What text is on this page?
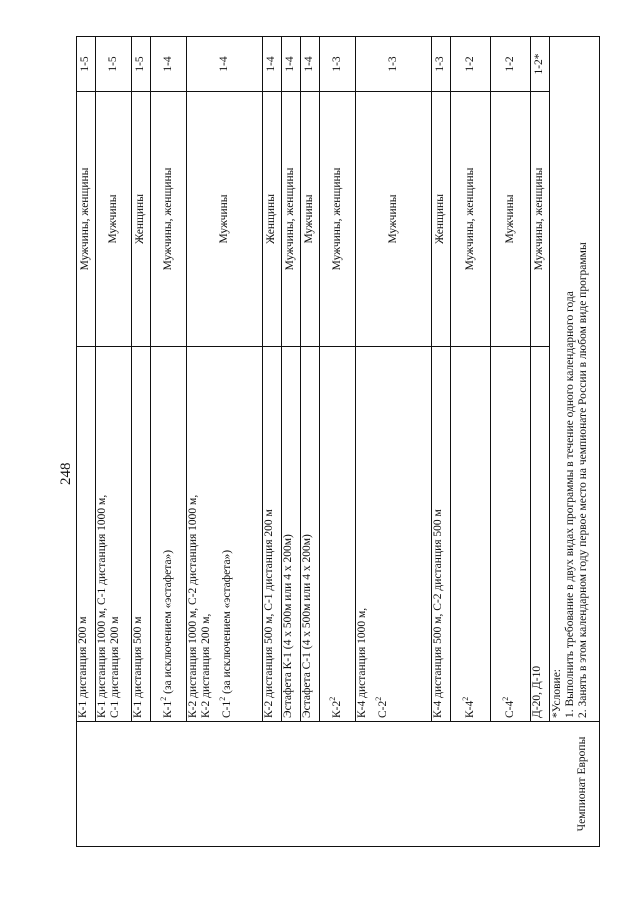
248
Чемпионат Европы	К-1 дистанция 200 м	Мужчины, женщины	1-5

	К-1 дистанция 1000 м, С-1 дистанция 1000 м, С-1 дистанция 200 м	Мужчины	1-5

	К-1 дистанция 500 м	Женщины	1-5

	$К-1^2$ (за исключением «эстафета»)	Мужчины, женщины	1-4

	К-2 дистанция 1000 м, С-2 дистанция 1000 м, К-2 дистанция 200 м, $С-1^2$ (за исключением «эстафета»)	Мужчины	1-4

	К-2 дистанция 500 м, С-1 дистанция 200 м	Женщины	1-4

	Эстафета К-1 (4 х 500м или 4 х 200м)	Мужчины, женщины	1-4

	Эстафета С-1 (4 х 500м или 4 х 200м)	Мужчины	1-4

	$К-2^2$	Мужчины, женщины	1-3

	К-4 дистанция 1000 м, $С-2^2$	Мужчины	1-3

	К-4 дистанция 500 м, С-2 дистанция 500 м	Женщины	1-3

	$К-4^2$	Мужчины, женщины	1-2

	$С-4^2$	Мужчины	1-2

	Д-20, Д-10	Мужчины, женщины	1-2*

	*Условие: 1. Выполнить требование в двух видах программы в течение одного календарного года 2. Занять в этом календарном году первое место на чемпионате России в любом виде программы		
